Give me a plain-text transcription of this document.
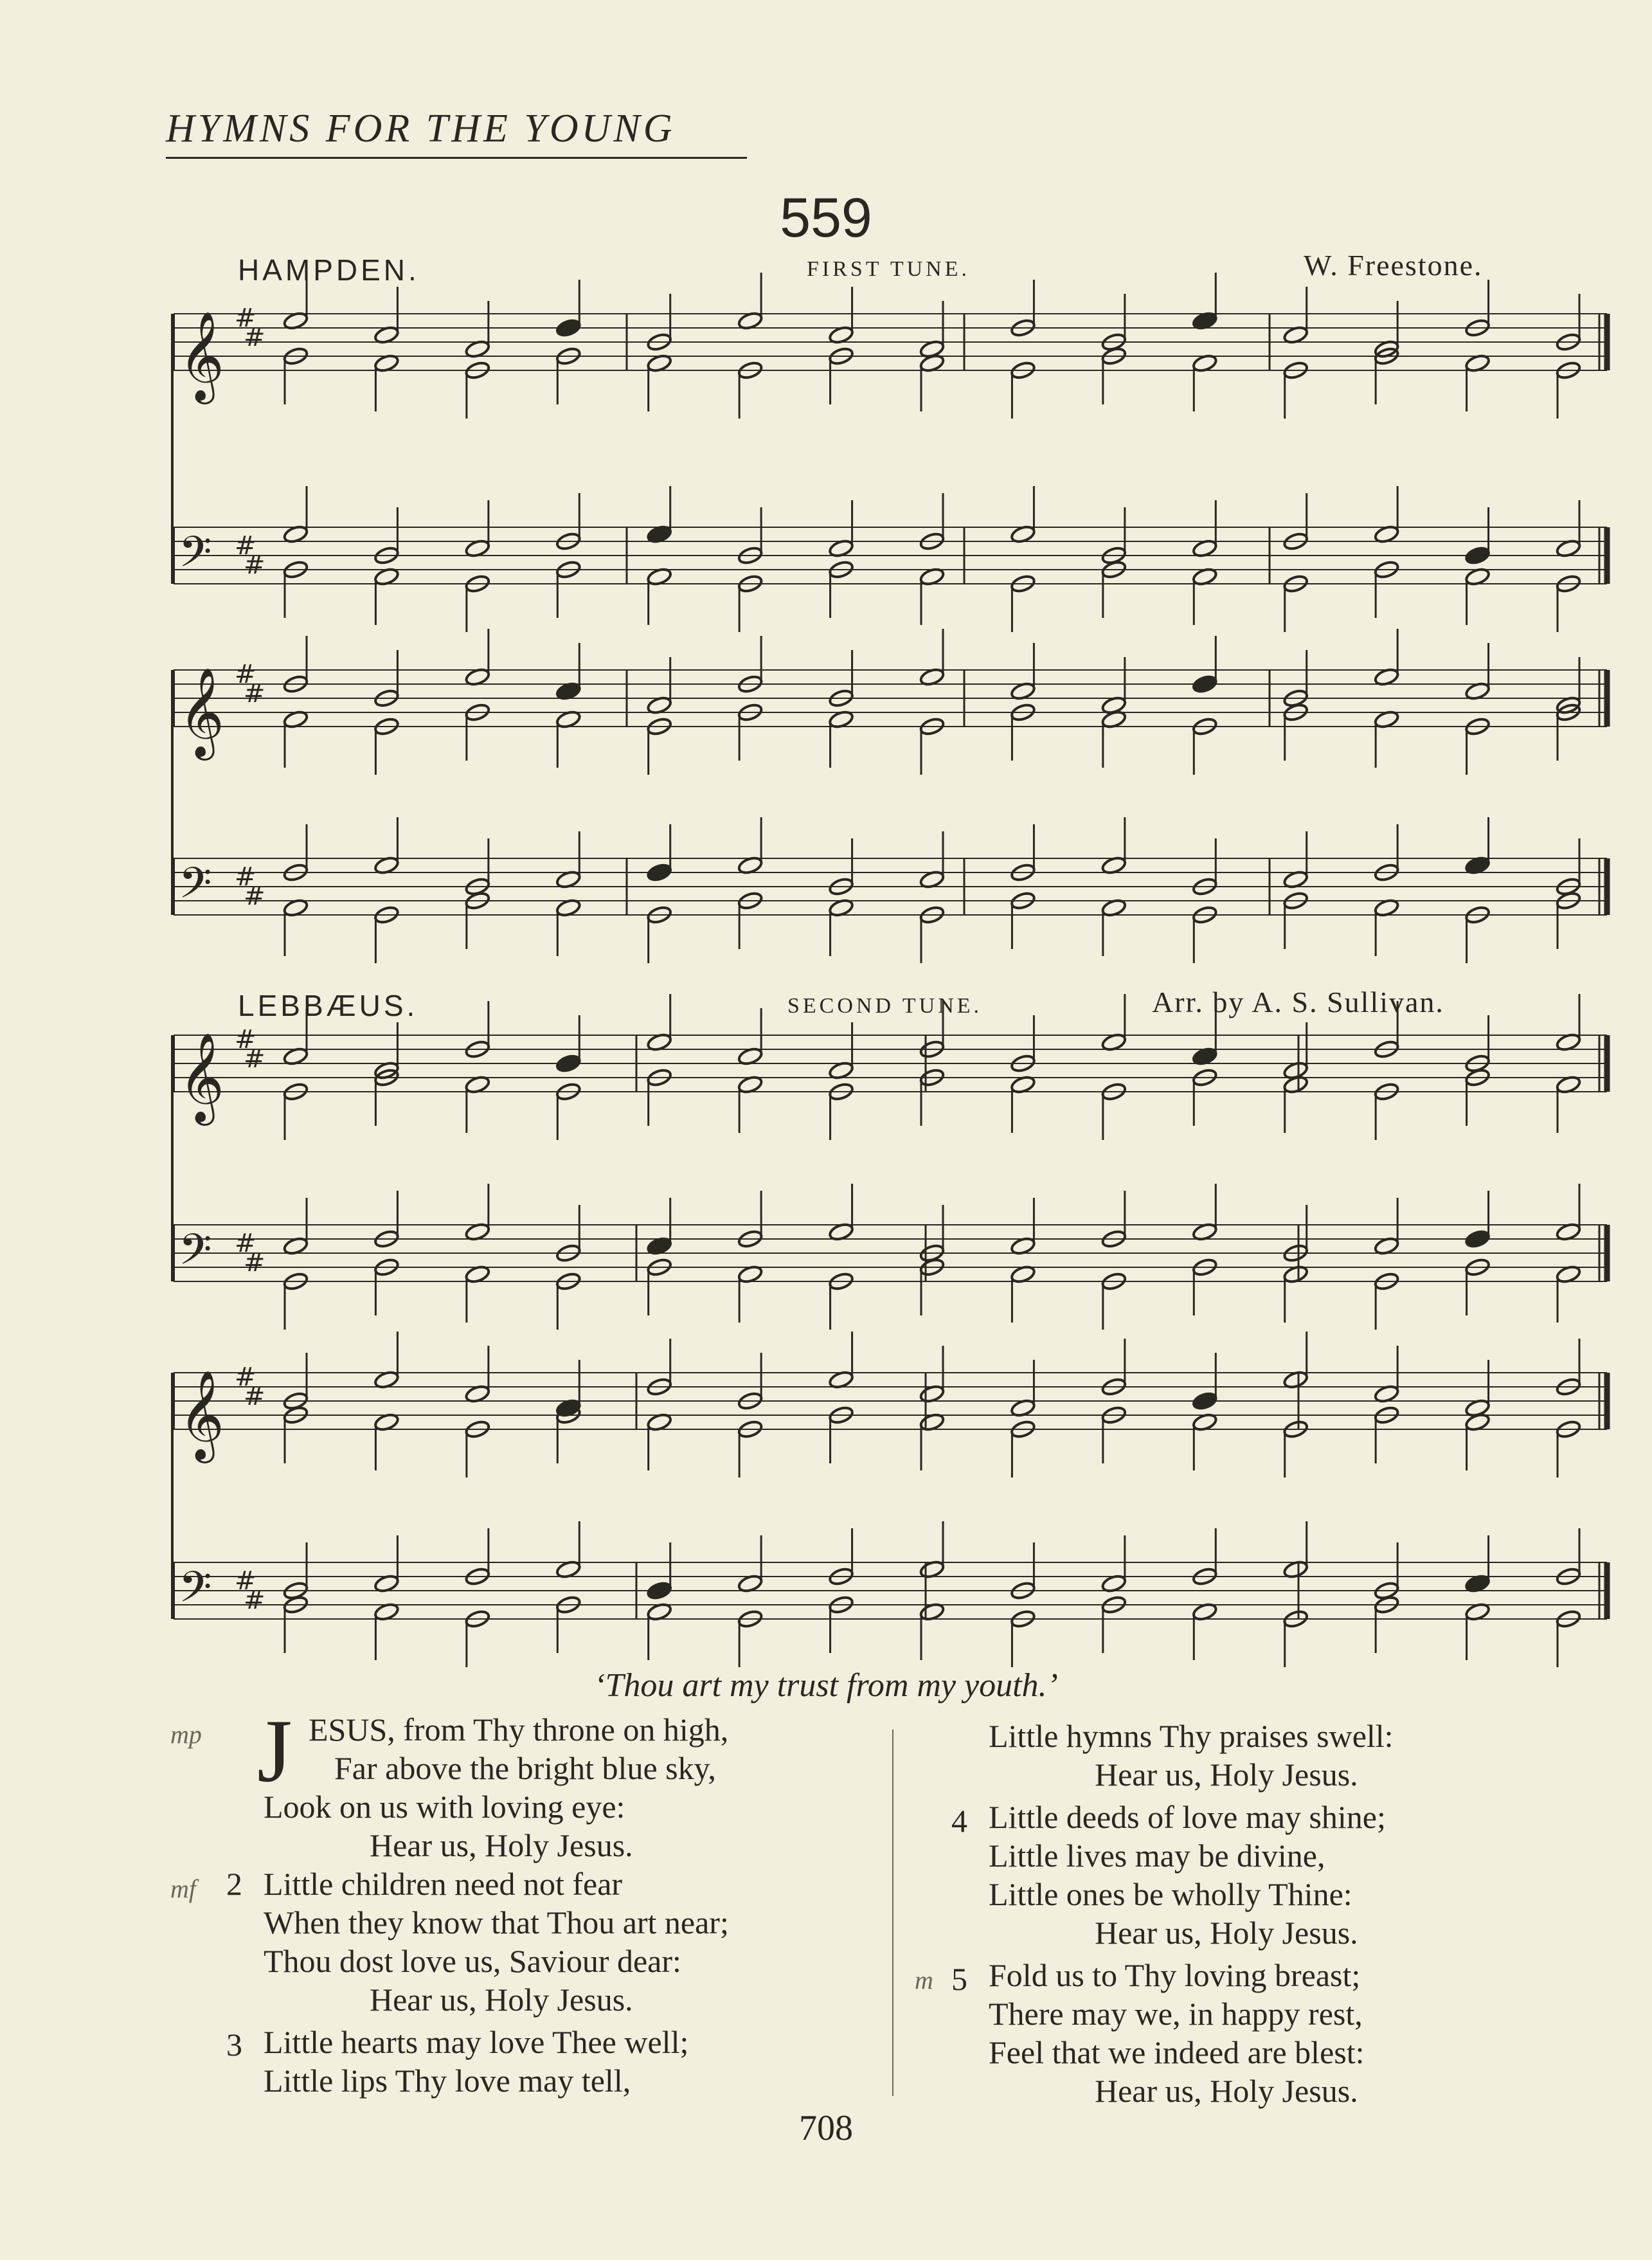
HYMNS FOR THE YOUNG
559
HAMPDEN.	FIRST TUNE.	W. Freestone.
LEBBÆUS.	SECOND TUNE.	Arr. by A. S. Sullivan.
𝄞
𝄢
#
#
#
#
𝄞
𝄢
#
#
#
#
𝄞
𝄢
#
#
#
#
𝄞
𝄢
#
#
#
#
‘Thou art my trust from my youth.’
mp J ESUS, from Thy throne on high,
Far above the bright blue sky,
Look on us with loving eye:
Hear us, Holy Jesus.
mf 2 Little children need not fear
When they know that Thou art near;
Thou dost love us, Saviour dear:
Hear us, Holy Jesus.
3 Little hearts may love Thee well;
Little lips Thy love may tell,
Little hymns Thy praises swell:
Hear us, Holy Jesus.
4 Little deeds of love may shine;
Little lives may be divine,
Little ones be wholly Thine:
Hear us, Holy Jesus.
m 5 Fold us to Thy loving breast;
There may we, in happy rest,
Feel that we indeed are blest:
Hear us, Holy Jesus.
708
